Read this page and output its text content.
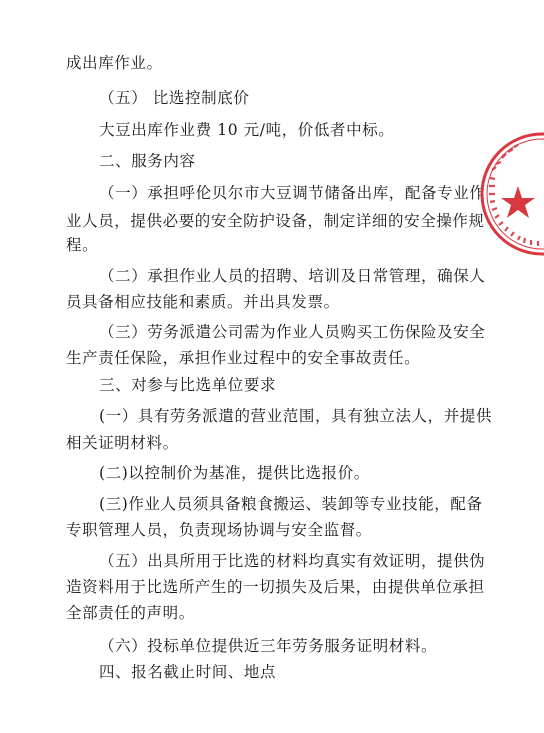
成出库作业。
（五） 比选控制底价
大豆出库作业费 10 元/吨，价低者中标。
二、服务内容
（一）承担呼伦贝尔市大豆调节储备出库，配备专业作
业人员，提供必要的安全防护设备，制定详细的安全操作规
程。
（二）承担作业人员的招聘、培训及日常管理，确保人
员具备相应技能和素质。并出具发票。
（三）劳务派遣公司需为作业人员购买工伤保险及安全
生产责任保险，承担作业过程中的安全事故责任。
三、对参与比选单位要求
(一）具有劳务派遣的营业范围，具有独立法人，并提供
相关证明材料。
(二)以控制价为基准，提供比选报价。
(三)作业人员须具备粮食搬运、装卸等专业技能，配备
专职管理人员，负责现场协调与安全监督。
（五）出具所用于比选的材料均真实有效证明，提供伪
造资料用于比选所产生的一切损失及后果，由提供单位承担
全部责任的声明。
（六）投标单位提供近三年劳务服务证明材料。
四、报名截止时间、地点
